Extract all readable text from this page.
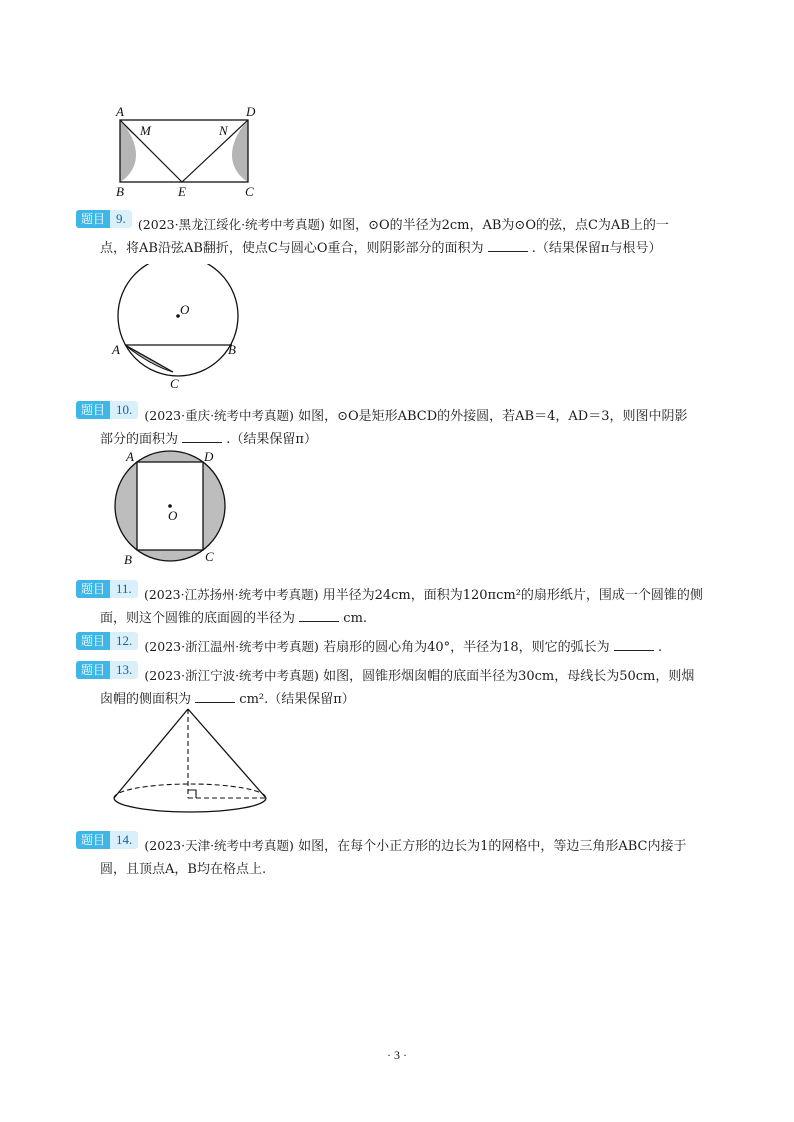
A	D
M	N
B	E	C
题目 9. (2023·黑龙江绥化·统考中考真题) 如图，⊙O的半径为2cm，AB为⊙O的弦，点C为AB上的一
点，将AB沿弦AB翻折，使点C与圆心O重合，则阴影部分的面积为	.（结果保留π与根号）
O
A	B
C
题目 10. (2023·重庆·统考中考真题) 如图，⊙O是矩形ABCD的外接圆，若AB＝4，AD＝3，则图中阴影
部分的面积为	.（结果保留π）
A	D
O
B	C
题目 11. (2023·江苏扬州·统考中考真题) 用半径为24cm，面积为120πcm²的扇形纸片，围成一个圆锥的侧
面，则这个圆锥的底面圆的半径为	cm.
题目 12. (2023·浙江温州·统考中考真题) 若扇形的圆心角为40°，半径为18，则它的弧长为	.
题目 13. (2023·浙江宁波·统考中考真题) 如图，圆锥形烟囱帽的底面半径为30cm，母线长为50cm，则烟
囱帽的侧面积为	cm².（结果保留π）
题目 14. (2023·天津·统考中考真题) 如图，在每个小正方形的边长为1的网格中，等边三角形ABC内接于
圆，且顶点A，B均在格点上.
· 3 ·
